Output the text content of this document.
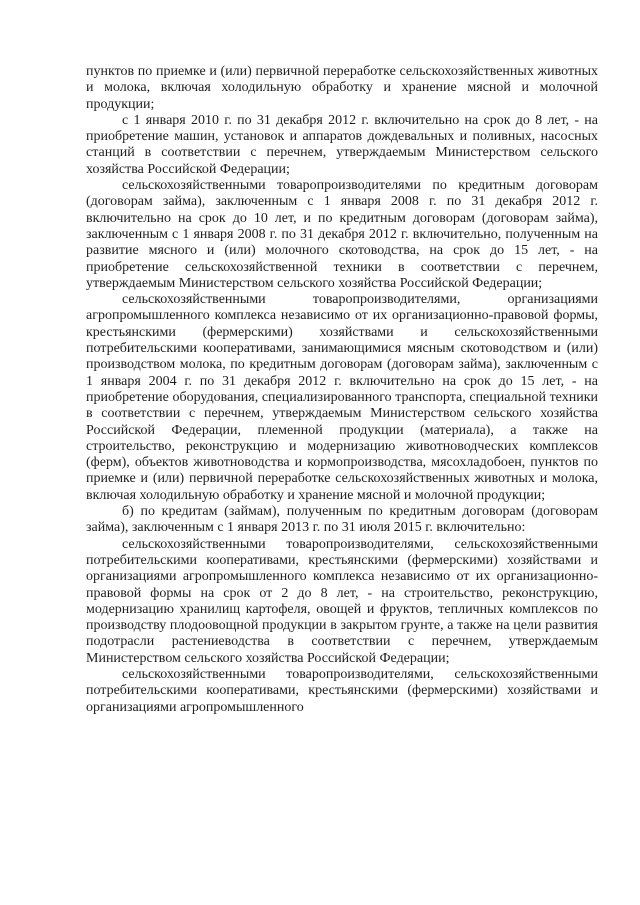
пунктов по приемке и (или) первичной переработке сельскохозяйственных животных и молока, включая холодильную обработку и хранение мясной и молочной продукции;

с 1 января 2010 г. по 31 декабря 2012 г. включительно на срок до 8 лет, - на приобретение машин, установок и аппаратов дождевальных и поливных, насосных станций в соответствии с перечнем, утверждаемым Министерством сельского хозяйства Российской Федерации;

сельскохозяйственными товаропроизводителями по кредитным договорам (договорам займа), заключенным с 1 января 2008 г. по 31 декабря 2012 г. включительно на срок до 10 лет, и по кредитным договорам (договорам займа), заключенным с 1 января 2008 г. по 31 декабря 2012 г. включительно, полученным на развитие мясного и (или) молочного скотоводства, на срок до 15 лет, - на приобретение сельскохозяйственной техники в соответствии с перечнем, утверждаемым Министерством сельского хозяйства Российской Федерации;

сельскохозяйственными товаропроизводителями, организациями агропромышленного комплекса независимо от их организационно-правовой формы, крестьянскими (фермерскими) хозяйствами и сельскохозяйственными потребительскими кооперативами, занимающимися мясным скотоводством и (или) производством молока, по кредитным договорам (договорам займа), заключенным с 1 января 2004 г. по 31 декабря 2012 г. включительно на срок до 15 лет, - на приобретение оборудования, специализированного транспорта, специальной техники в соответствии с перечнем, утверждаемым Министерством сельского хозяйства Российской Федерации, племенной продукции (материала), а также на строительство, реконструкцию и модернизацию животноводческих комплексов (ферм), объектов животноводства и кормопроизводства, мясохладобоен, пунктов по приемке и (или) первичной переработке сельскохозяйственных животных и молока, включая холодильную обработку и хранение мясной и молочной продукции;

б) по кредитам (займам), полученным по кредитным договорам (договорам займа), заключенным с 1 января 2013 г. по 31 июля 2015 г. включительно:

сельскохозяйственными товаропроизводителями, сельскохозяйственными потребительскими кооперативами, крестьянскими (фермерскими) хозяйствами и организациями агропромышленного комплекса независимо от их организационно-правовой формы на срок от 2 до 8 лет, - на строительство, реконструкцию, модернизацию хранилищ картофеля, овощей и фруктов, тепличных комплексов по производству плодоовощной продукции в закрытом грунте, а также на цели развития подотрасли растениеводства в соответствии с перечнем, утверждаемым Министерством сельского хозяйства Российской Федерации;

сельскохозяйственными товаропроизводителями, сельскохозяйственными потребительскими кооперативами, крестьянскими (фермерскими) хозяйствами и организациями агропромышленного
